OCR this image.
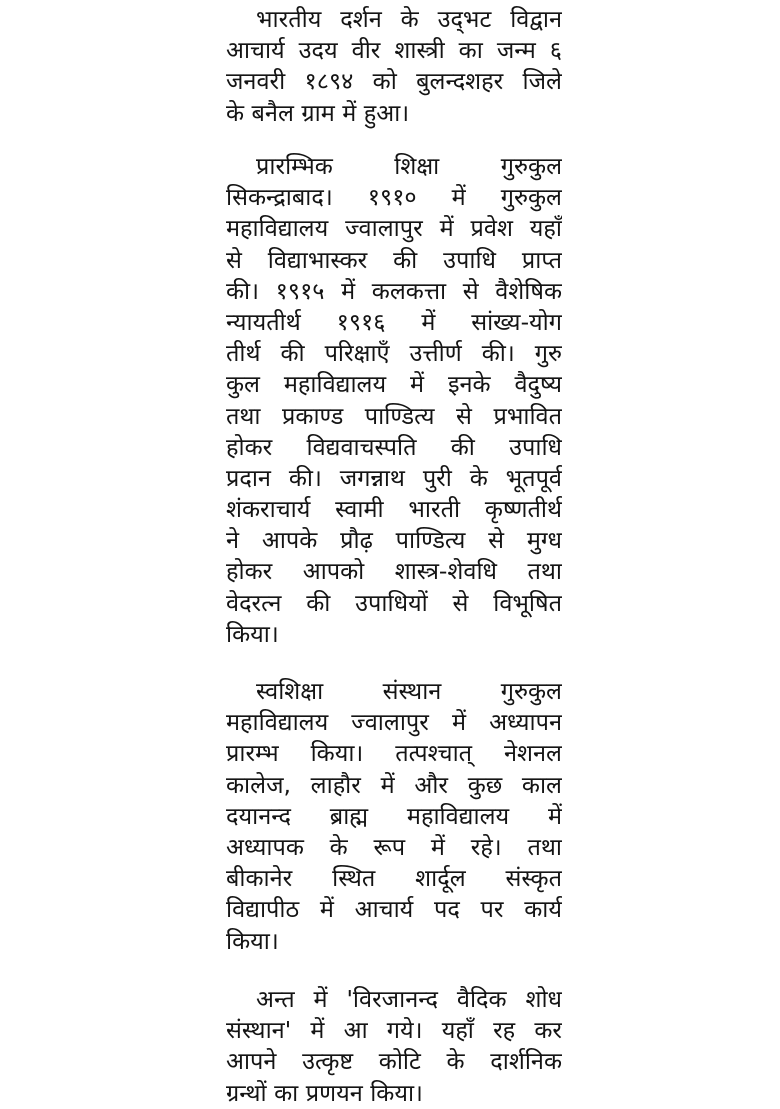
भारतीय दर्शन के उद्‌भट विद्वान
आचार्य उदय वीर शास्त्री का जन्म ६
जनवरी १८९४ को बुलन्दशहर जिले
के बनैल ग्राम में हुआ।
प्रारम्भिक शिक्षा गुरुकुल
सिकन्द्राबाद। १९१० में गुरुकुल
महाविद्यालय ज्वालापुर में प्रवेश यहाँ
से विद्याभास्कर की उपाधि प्राप्त
की। १९१५ में कलकत्ता से वैशेषिक
न्यायतीर्थ १९१६ में सांख्य-योग
तीर्थ की परिक्षाएँ उत्तीर्ण की। गुरु
कुल महाविद्यालय में इनके वैदुष्य
तथा प्रकाण्ड पाण्डित्य से प्रभावित
होकर विद्यवाचस्पति की उपाधि
प्रदान की। जगन्नाथ पुरी के भूतपूर्व
शंकराचार्य स्वामी भारती कृष्णतीर्थ
ने आपके प्रौढ़ पाण्डित्य से मुग्ध
होकर आपको शास्त्र-शेवधि तथा
वेदरत्न की उपाधियों से विभूषित
किया।
स्वशिक्षा संस्थान गुरुकुल
महाविद्यालय ज्वालापुर में अध्यापन
प्रारम्भ किया। तत्पश्चात् नेशनल
कालेज, लाहौर में और कुछ काल
दयानन्द ब्राह्म महाविद्यालय में
अध्यापक के रूप में रहे। तथा
बीकानेर स्थित शार्दूल संस्कृत
विद्यापीठ में आचार्य पद पर कार्य
किया।
अन्त में 'विरजानन्द वैदिक शोध
संस्थान' में आ गये। यहाँ रह कर
आपने उत्कृष्ट कोटि के दार्शनिक
ग्रन्थों का प्रणयन किया।
